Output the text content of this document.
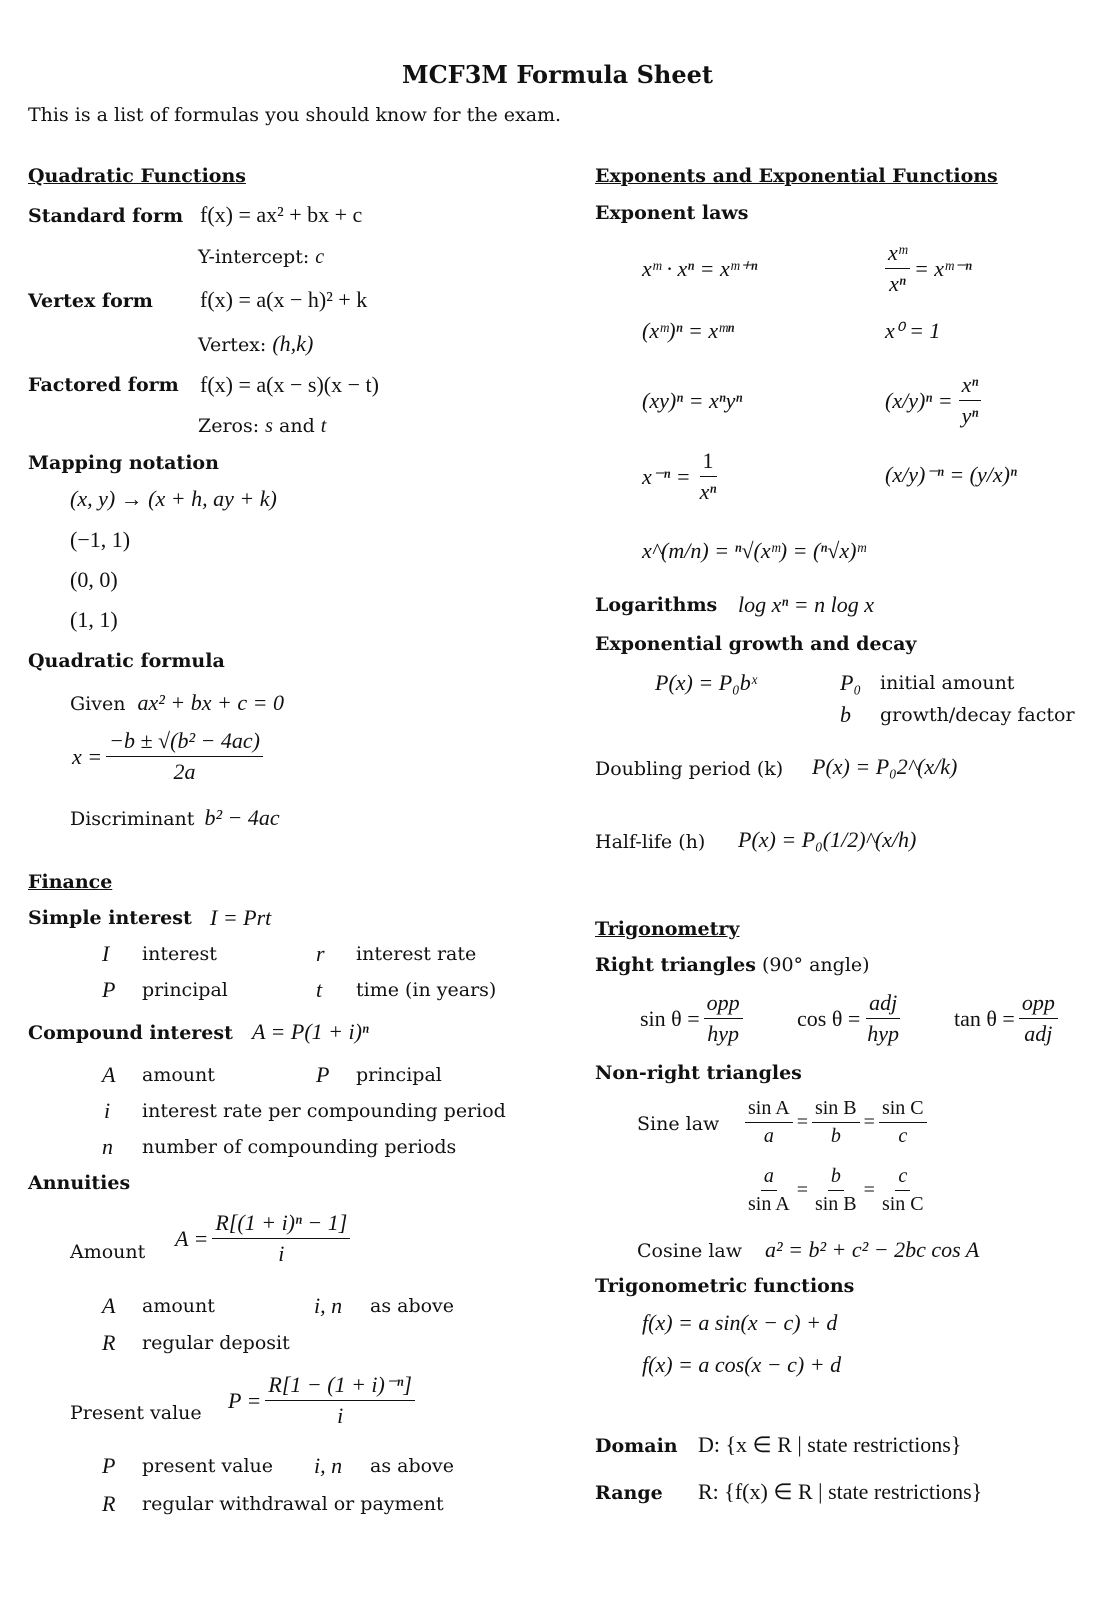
MCF3M Formula Sheet
This is a list of formulas you should know for the exam.
Quadratic Functions
Standard form f(x) = ax² + bx + c
Y-intercept: c
Vertex form f(x) = a(x − h)² + k
Vertex: (h,k)
Factored form f(x) = a(x − s)(x − t)
Zeros: s and t
Mapping notation
(x, y) → (x + h, ay + k)
(−1, 1)
(0, 0)
(1, 1)
Quadratic formula
Given ax² + bx + c = 0
$x = \frac{\text{−b ± √(b² − 4ac)}}{2a}$
Discriminant b² − 4ac
Finance
Simple interest I = Prt
I interest	r interest rate
P principal	t time (in years)
Compound interest A = P(1 + i)ⁿ
A amount	P principal
i interest rate per compounding period
n number of compounding periods
Annuities
Amount
$A = \frac{\text{R[(1 + i)ⁿ − 1]}}{i}$
A amount	i, n as above
R regular deposit
Present value
$P = \frac{\text{R[1 − (1 + i)⁻ⁿ]}}{i}$
P present value i, n as above
R regular withdrawal or payment
Exponents and Exponential Functions
Exponent laws
xᵐ · xⁿ = xᵐ⁺ⁿ	$\frac{\text{xᵐ}}{\text{xⁿ}}$ = xᵐ⁻ⁿ
(xᵐ)ⁿ = xᵐⁿ	x⁰ = 1
(xy)ⁿ = xⁿyⁿ	$(x/y)^n = \frac{\text{xⁿ}}{\text{yⁿ}}$
$x^{-n} = \frac{1}{\text{xⁿ}}$	(x/y)⁻ⁿ = (y/x)ⁿ
x^(m/n) = ⁿ√(xᵐ) = (ⁿ√x)ᵐ
Logarithms log xⁿ = n log x
Exponential growth and decay
P(x) = P₀bˣ	P₀ initial amount
b growth/decay factor
Doubling period (k) P(x) = P₀2^(x/k)
Half-life (h) P(x) = P₀(1/2)^(x/h)
Trigonometry
Right triangles (90° angle)
$\sin \theta = \frac{\text{opp}}{\text{hyp}}$ $\cos \theta = \frac{\text{adj}}{\text{hyp}}$ $\tan \theta = \frac{\text{opp}}{\text{adj}}$
Non-right triangles
Sine law $\frac{\text{sin A}}{a} = \frac{\text{sin B}}{b} = \frac{\text{sin C}}{c}$
$\frac{a}{\text{sin A}} = \frac{b}{\text{sin B}} = \frac{c}{\text{sin C}}$
Cosine law a² = b² + c² − 2bc cos A
Trigonometric functions
f(x) = a sin(x − c) + d
f(x) = a cos(x − c) + d
Domain D: {x ∈ R | state restrictions}
Range R: {f(x) ∈ R | state restrictions}
